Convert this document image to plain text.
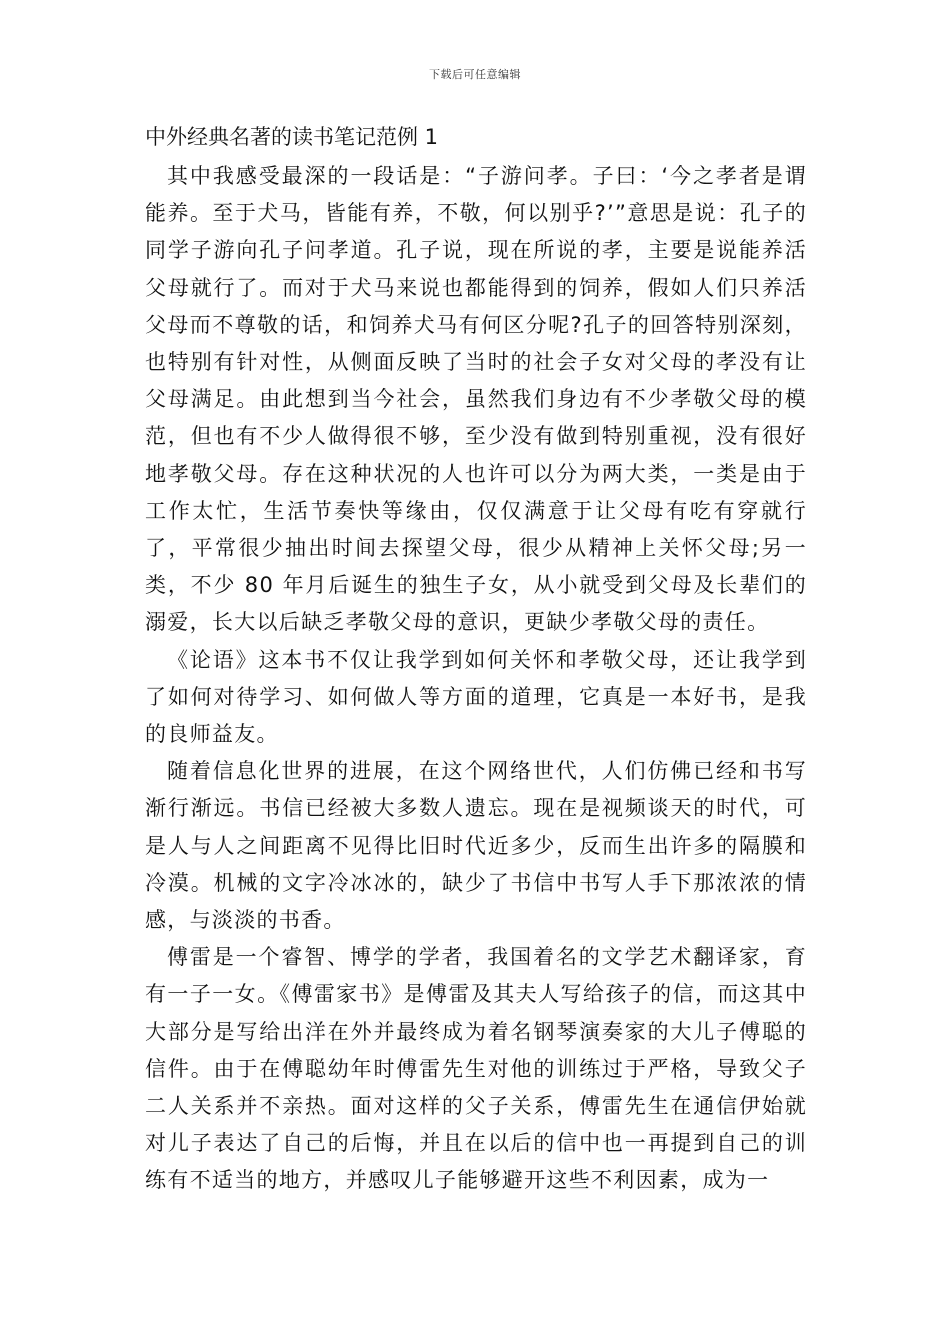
下载后可任意编辑
中外经典名著的读书笔记范例 1

其中我感受最深的一段话是：“子游问孝。子曰：‘今之孝者是谓能养。至于犬马，皆能有养，不敬，何以别乎?’”意思是说：孔子的同学子游向孔子问孝道。孔子说，现在所说的孝，主要是说能养活父母就行了。而对于犬马来说也都能得到的饲养，假如人们只养活父母而不尊敬的话，和饲养犬马有何区分呢?孔子的回答特别深刻，也特别有针对性，从侧面反映了当时的社会子女对父母的孝没有让父母满足。由此想到当今社会，虽然我们身边有不少孝敬父母的模范，但也有不少人做得很不够，至少没有做到特别重视，没有很好地孝敬父母。存在这种状况的人也许可以分为两大类，一类是由于工作太忙，生活节奏快等缘由，仅仅满意于让父母有吃有穿就行了，平常很少抽出时间去探望父母，很少从精神上关怀父母;另一类，不少 80 年月后诞生的独生子女，从小就受到父母及长辈们的溺爱，长大以后缺乏孝敬父母的意识，更缺少孝敬父母的责任。

《论语》这本书不仅让我学到如何关怀和孝敬父母，还让我学到了如何对待学习、如何做人等方面的道理，它真是一本好书，是我的良师益友。

随着信息化世界的进展，在这个网络世代，人们仿佛已经和书写渐行渐远。书信已经被大多数人遗忘。现在是视频谈天的时代，可是人与人之间距离不见得比旧时代近多少，反而生出许多的隔膜和冷漠。机械的文字冷冰冰的，缺少了书信中书写人手下那浓浓的情感，与淡淡的书香。

傅雷是一个睿智、博学的学者，我国着名的文学艺术翻译家，育有一子一女。《傅雷家书》是傅雷及其夫人写给孩子的信，而这其中大部分是写给出洋在外并最终成为着名钢琴演奏家的大儿子傅聪的信件。由于在傅聪幼年时傅雷先生对他的训练过于严格，导致父子二人关系并不亲热。面对这样的父子关系，傅雷先生在通信伊始就对儿子表达了自己的后悔，并且在以后的信中也一再提到自己的训练有不适当的地方，并感叹儿子能够避开这些不利因素，成为一
